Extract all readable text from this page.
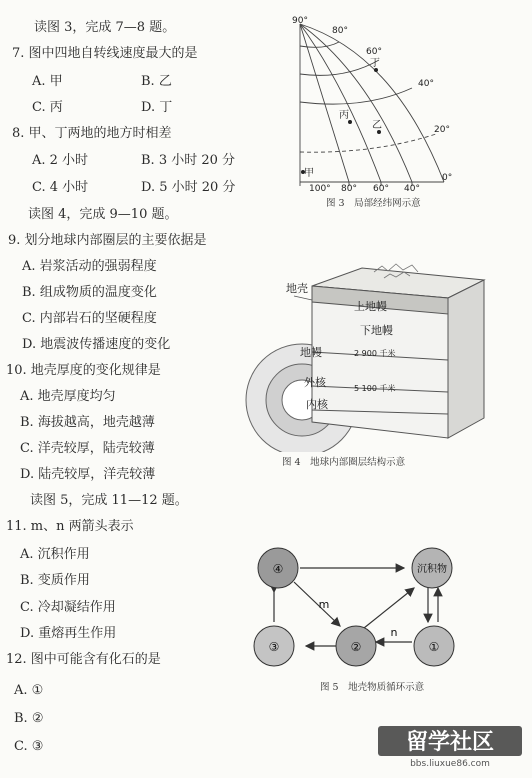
读图 3，完成 7—8 题。
7. 图中四地自转线速度最大的是
A. 甲	B. 乙
C. 丙	D. 丁
8. 甲、丁两地的地方时相差
A. 2 小时	B. 3 小时 20 分
C. 4 小时	D. 5 小时 20 分
读图 4，完成 9—10 题。
9. 划分地球内部圈层的主要依据是
A. 岩浆活动的强弱程度
B. 组成物质的温度变化
C. 内部岩石的坚硬程度
D. 地震波传播速度的变化
10. 地壳厚度的变化规律是
A. 地壳厚度均匀
B. 海拔越高，地壳越薄
C. 洋壳较厚，陆壳较薄
D. 陆壳较厚，洋壳较薄
读图 5，完成 11—12 题。
11. m、n 两箭头表示
A. 沉积作用
B. 变质作用
C. 冷却凝结作用
D. 重熔再生作用
12. 图中可能含有化石的是
A. ①
B. ②
C. ③
90°
80°
60°
40°
20°
0°
100° 80° 60° 40°
甲
丙
乙
丁
图 3　局部经纬网示意
地壳
上地幔
下地幔
地幔
外核
内核
2 900 千米
5 100 千米
图 4　地球内部圈层结构示意
④	沉积物
③	②	①
m
n
图 5　地壳物质循环示意
留学社区
bbs.liuxue86.com
